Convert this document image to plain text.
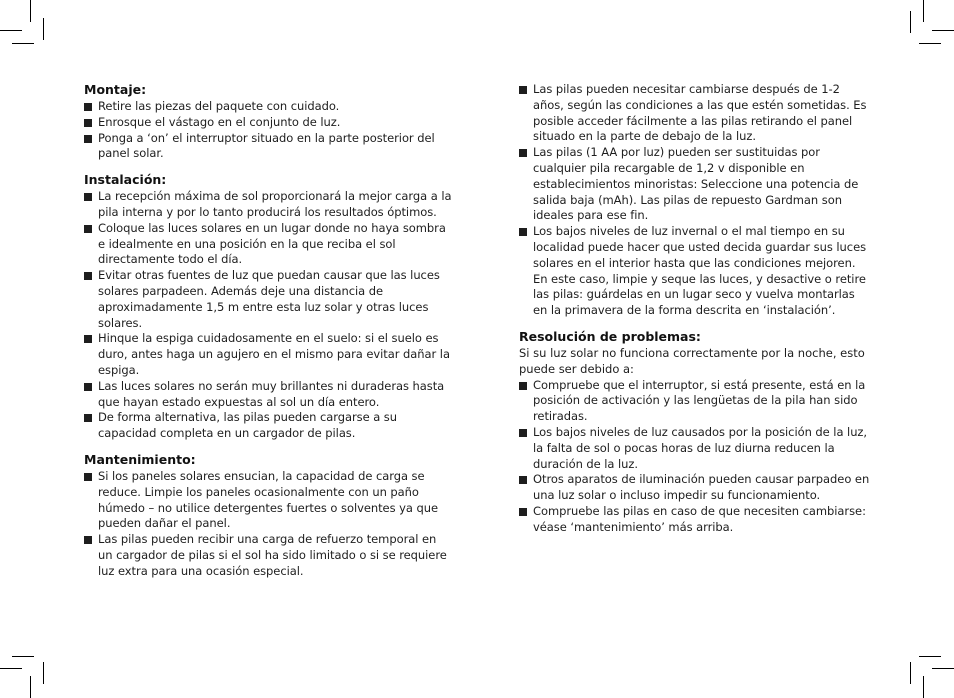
Montaje:
Retire las piezas del paquete con cuidado.
Enrosque el vástago en el conjunto de luz.
Ponga a ‘on’ el interruptor situado en la parte posterior del panel solar.
Instalación:
La recepción máxima de sol proporcionará la mejor carga a la pila interna y por lo tanto producirá los resultados óptimos.
Coloque las luces solares en un lugar donde no haya sombra e idealmente en una posición en la que reciba el sol directamente todo el día.
Evitar otras fuentes de luz que puedan causar que las luces solares parpadeen. Además deje una distancia de aproximadamente 1,5 m entre esta luz solar y otras luces solares.
Hinque la espiga cuidadosamente en el suelo: si el suelo es duro, antes haga un agujero en el mismo para evitar dañar la espiga.
Las luces solares no serán muy brillantes ni duraderas hasta que hayan estado expuestas al sol un día entero.
De forma alternativa, las pilas pueden cargarse a su capacidad completa en un cargador de pilas.
Mantenimiento:
Si los paneles solares ensucian, la capacidad de carga se reduce. Limpie los paneles ocasionalmente con un paño húmedo – no utilice detergentes fuertes o solventes ya que pueden dañar el panel.
Las pilas pueden recibir una carga de refuerzo temporal en un cargador de pilas si el sol ha sido limitado o si se requiere luz extra para una ocasión especial.
Las pilas pueden necesitar cambiarse después de 1-2 años, según las condiciones a las que estén sometidas. Es posible acceder fácilmente a las pilas retirando el panel situado en la parte de debajo de la luz.
Las pilas (1 AA por luz) pueden ser sustituidas por cualquier pila recargable de 1,2 v disponible en establecimientos minoristas: Seleccione una potencia de salida baja (mAh). Las pilas de repuesto Gardman son ideales para ese fin.
Los bajos niveles de luz invernal o el mal tiempo en su localidad puede hacer que usted decida guardar sus luces solares en el interior hasta que las condiciones mejoren. En este caso, limpie y seque las luces, y desactive o retire las pilas: guárdelas en un lugar seco y vuelva montarlas en la primavera de la forma descrita en ‘instalación’.
Resolución de problemas:

Si su luz solar no funciona correctamente por la noche, esto puede ser debido a:

Compruebe que el interruptor, si está presente, está en la posición de activación y las lengüetas de la pila han sido retiradas.
Los bajos niveles de luz causados por la posición de la luz, la falta de sol o pocas horas de luz diurna reducen la duración de la luz.
Otros aparatos de iluminación pueden causar parpadeo en una luz solar o incluso impedir su funcionamiento.
Compruebe las pilas en caso de que necesiten cambiarse: véase ‘mantenimiento’ más arriba.
